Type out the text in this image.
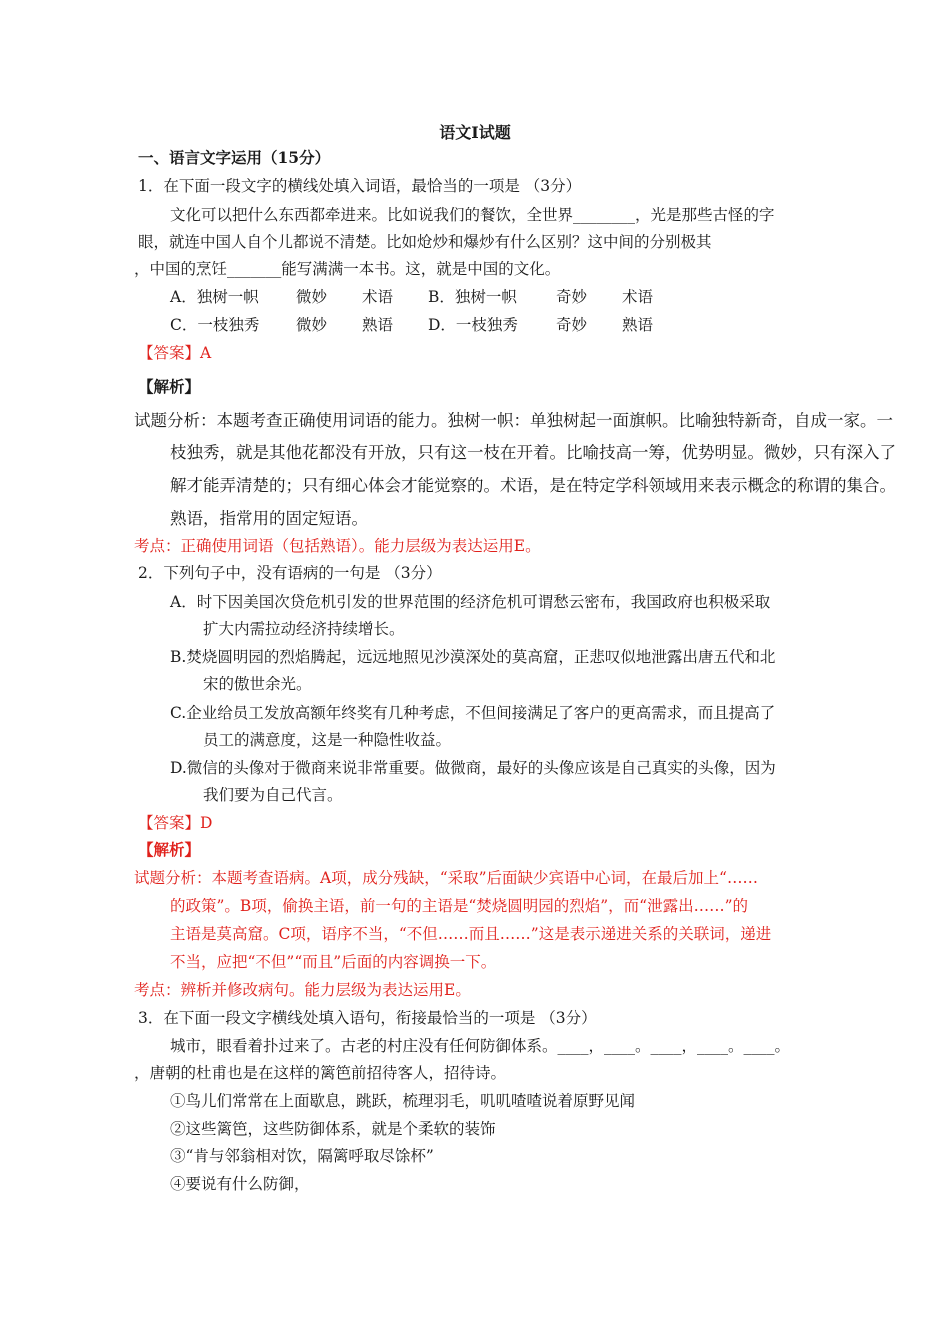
语文Ⅰ试题
一、语言文字运用（15分）
1．在下面一段文字的横线处填入词语，最恰当的一项是 （3分）
文化可以把什么东西都牵进来。比如说我们的餐饮，全世界________，光是那些古怪的字
眼，就连中国人自个儿都说不清楚。比如炝炒和爆炒有什么区别？这中间的分别极其
，中国的烹饪_______能写满满一本书。这，就是中国的文化。
A．独树一帜 微妙 术语 B．独树一帜	奇妙 术语
C．一枝独秀 微妙 熟语 D．一枝独秀 奇妙 熟语
【答案】A
【解析】
试题分析：本题考查正确使用词语的能力。独树一帜：单独树起一面旗帜。比喻独特新奇，自成一家。一
枝独秀，就是其他花都没有开放，只有这一枝在开着。比喻技高一筹，优势明显。微妙，只有深入了
解才能弄清楚的；只有细心体会才能觉察的。术语，是在特定学科领域用来表示概念的称谓的集合。
熟语，指常用的固定短语。
考点：正确使用词语（包括熟语）。能力层级为表达运用E。
2．下列句子中，没有语病的一句是 （3分）
A．时下因美国次贷危机引发的世界范围的经济危机可谓愁云密布，我国政府也积极采取
扩大内需拉动经济持续增长。
B.焚烧圆明园的烈焰腾起，远远地照见沙漠深处的莫高窟，正悲叹似地泄露出唐五代和北
宋的傲世余光。
C.企业给员工发放高额年终奖有几种考虑，不但间接满足了客户的更高需求，而且提高了
员工的满意度，这是一种隐性收益。
D.微信的头像对于微商来说非常重要。做微商，最好的头像应该是自己真实的头像，因为
我们要为自己代言。
【答案】D
【解析】
试题分析：本题考查语病。A项，成分残缺，“采取”后面缺少宾语中心词，在最后加上“……
的政策”。B项，偷换主语，前一句的主语是“焚烧圆明园的烈焰”，而“泄露出……”的
主语是莫高窟。C项，语序不当，“不但……而且……”这是表示递进关系的关联词，递进
不当，应把“不但”“而且”后面的内容调换一下。
考点：辨析并修改病句。能力层级为表达运用E。
3．在下面一段文字横线处填入语句，衔接最恰当的一项是 （3分）
城市，眼看着扑过来了。古老的村庄没有任何防御体系。____，____。____，____。____。
，唐朝的杜甫也是在这样的篱笆前招待客人，招待诗。
①鸟儿们常常在上面歇息，跳跃，梳理羽毛，叽叽喳喳说着原野见闻
②这些篱笆，这些防御体系，就是个柔软的装饰
③“肯与邻翁相对饮，隔篱呼取尽馀杯”
④要说有什么防御，
